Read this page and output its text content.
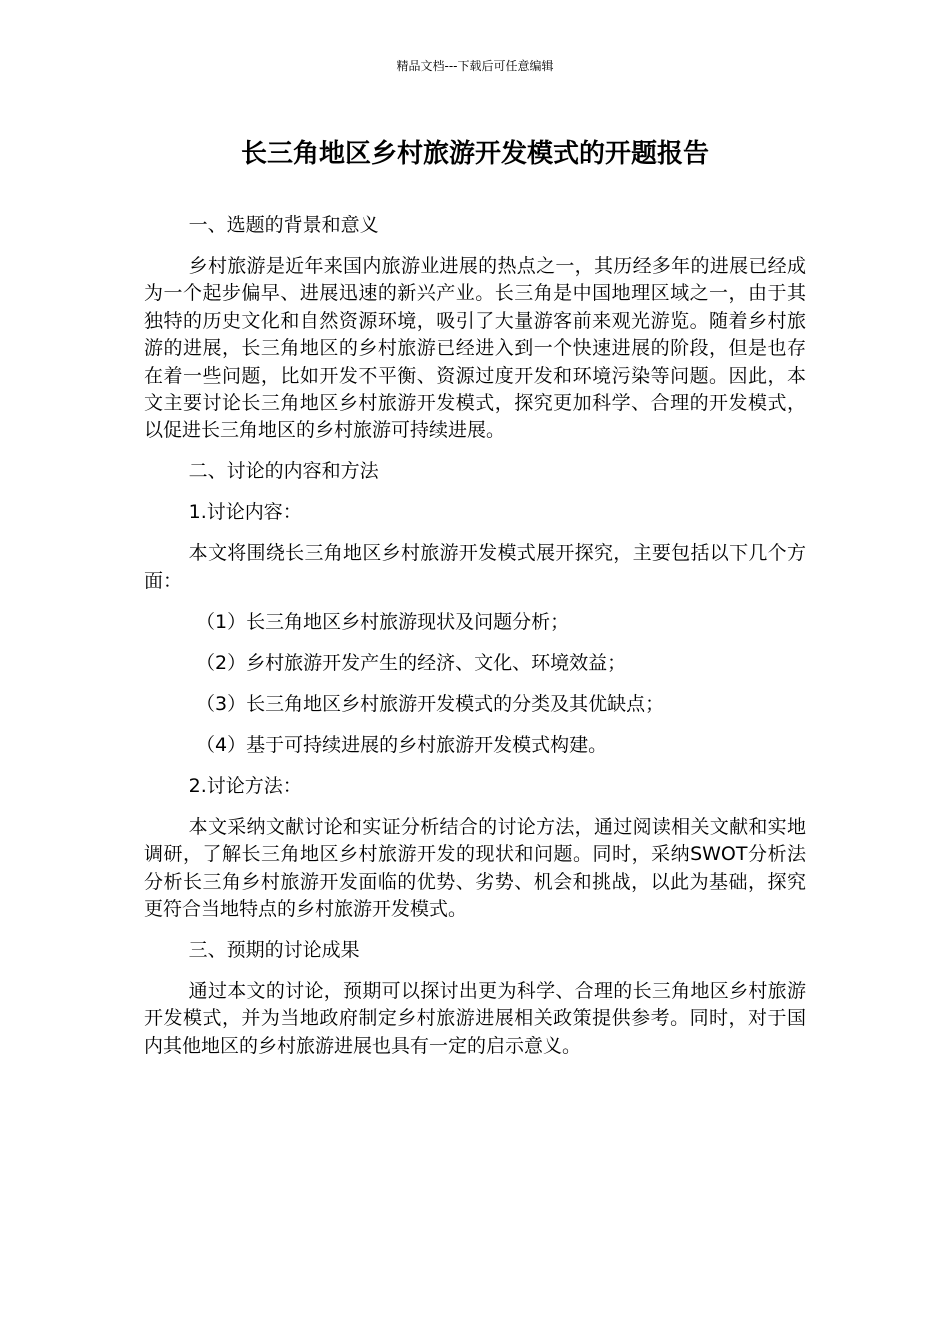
精品文档---下载后可任意编辑
长三角地区乡村旅游开发模式的开题报告

一、选题的背景和意义

乡村旅游是近年来国内旅游业进展的热点之一，其历经多年的进展已经成为一个起步偏早、进展迅速的新兴产业。长三角是中国地理区域之一，由于其独特的历史文化和自然资源环境，吸引了大量游客前来观光游览。随着乡村旅游的进展，长三角地区的乡村旅游已经进入到一个快速进展的阶段，但是也存在着一些问题，比如开发不平衡、资源过度开发和环境污染等问题。因此，本文主要讨论长三角地区乡村旅游开发模式，探究更加科学、合理的开发模式，以促进长三角地区的乡村旅游可持续进展。

二、讨论的内容和方法

1.讨论内容：

本文将围绕长三角地区乡村旅游开发模式展开探究，主要包括以下几个方面：

（1）长三角地区乡村旅游现状及问题分析；

（2）乡村旅游开发产生的经济、文化、环境效益；

（3）长三角地区乡村旅游开发模式的分类及其优缺点；

（4）基于可持续进展的乡村旅游开发模式构建。

2.讨论方法：

本文采纳文献讨论和实证分析结合的讨论方法，通过阅读相关文献和实地调研，了解长三角地区乡村旅游开发的现状和问题。同时，采纳SWOT分析法分析长三角乡村旅游开发面临的优势、劣势、机会和挑战，以此为基础，探究更符合当地特点的乡村旅游开发模式。

三、预期的讨论成果

通过本文的讨论，预期可以探讨出更为科学、合理的长三角地区乡村旅游开发模式，并为当地政府制定乡村旅游进展相关政策提供参考。同时，对于国内其他地区的乡村旅游进展也具有一定的启示意义。
